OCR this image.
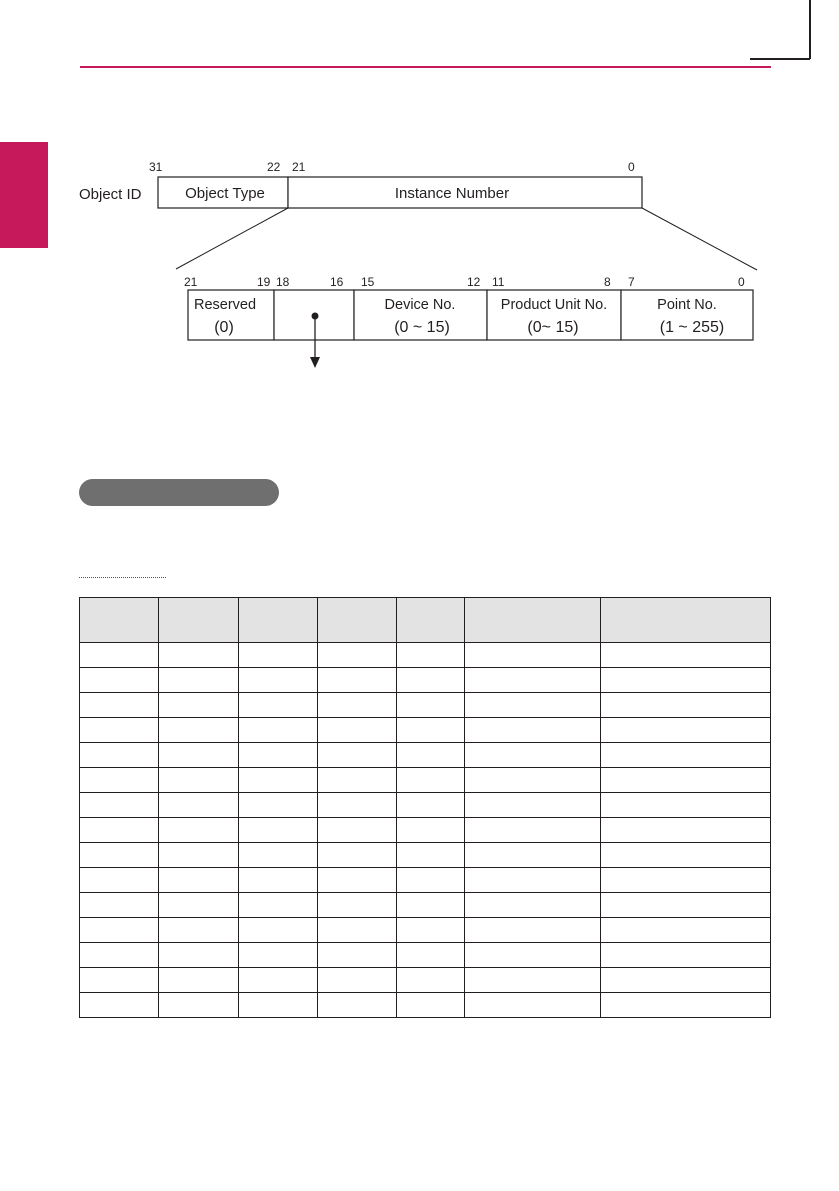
Object ID
31	22 21	0
Object Type	Instance Number
21	19 18	16 15	12 11	8 7	0
Reserved
(0)
Device No.
(0 ~ 15)
Product Unit No.
(0~ 15)
Point No.
(1 ~ 255)
